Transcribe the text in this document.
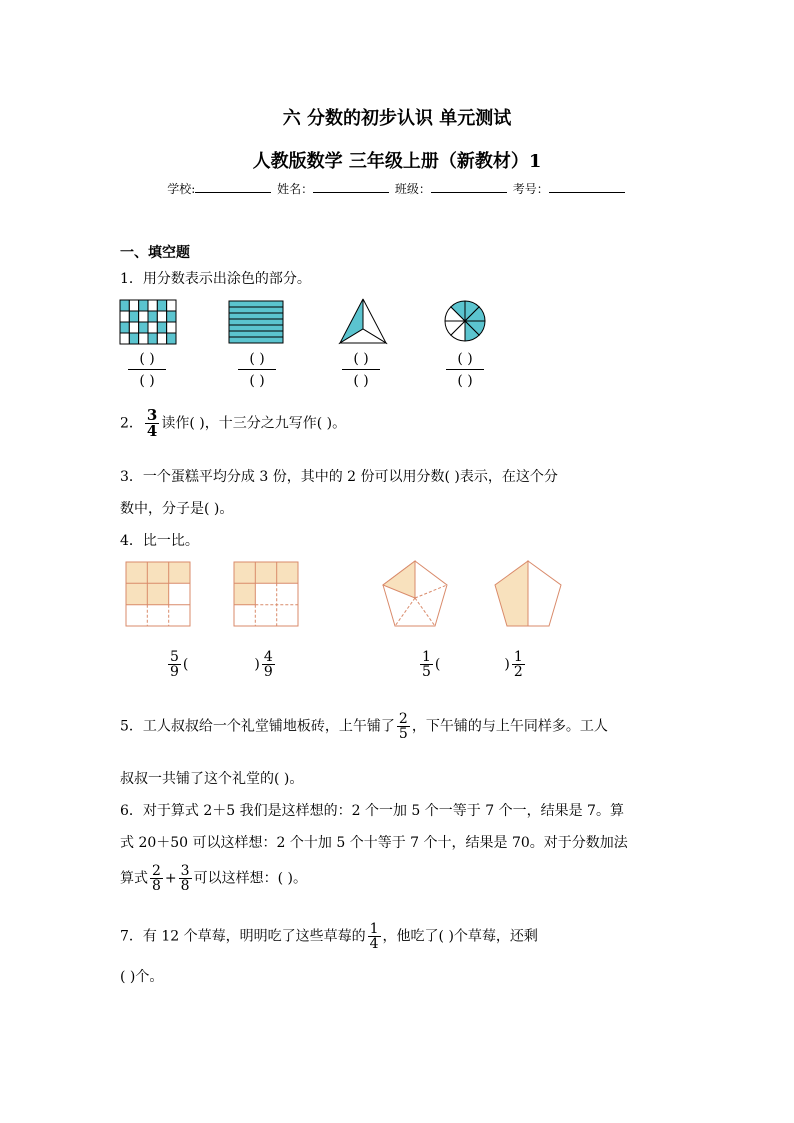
六 分数的初步认识 单元测试
人教版数学 三年级上册（新教材）1
学校:	姓名：	班级：	考号：
一、填空题
1．用分数表示出涂色的部分。
( )
( )
( )
( )
( )
( )
( )
( )
2． $\frac{3}{4}$ 读作( )，十三分之九写作( )。
3．一个蛋糕平均分成 3 份，其中的 2 份可以用分数( )表示，在这个分
数中，分子是( )。
4．比一比。
$\frac{5}{9}$ (	) $\frac{4}{9}$	$\frac{1}{5}$ (	) $\frac{1}{2}$
5．工人叔叔给一个礼堂铺地板砖，上午铺了 $\frac{2}{5}$ ，下午铺的与上午同样多。工人
叔叔一共铺了这个礼堂的( )。
6．对于算式 2＋5 我们是这样想的：2 个一加 5 个一等于 7 个一，结果是 7。算
式 20＋50 可以这样想：2 个十加 5 个十等于 7 个十，结果是 70。对于分数加法
算式 $\frac{2}{8} + \frac{3}{8}$ 可以这样想：( )。
7．有 12 个草莓，明明吃了这些草莓的 $\frac{1}{4}$ ，他吃了( )个草莓，还剩
( )个。
